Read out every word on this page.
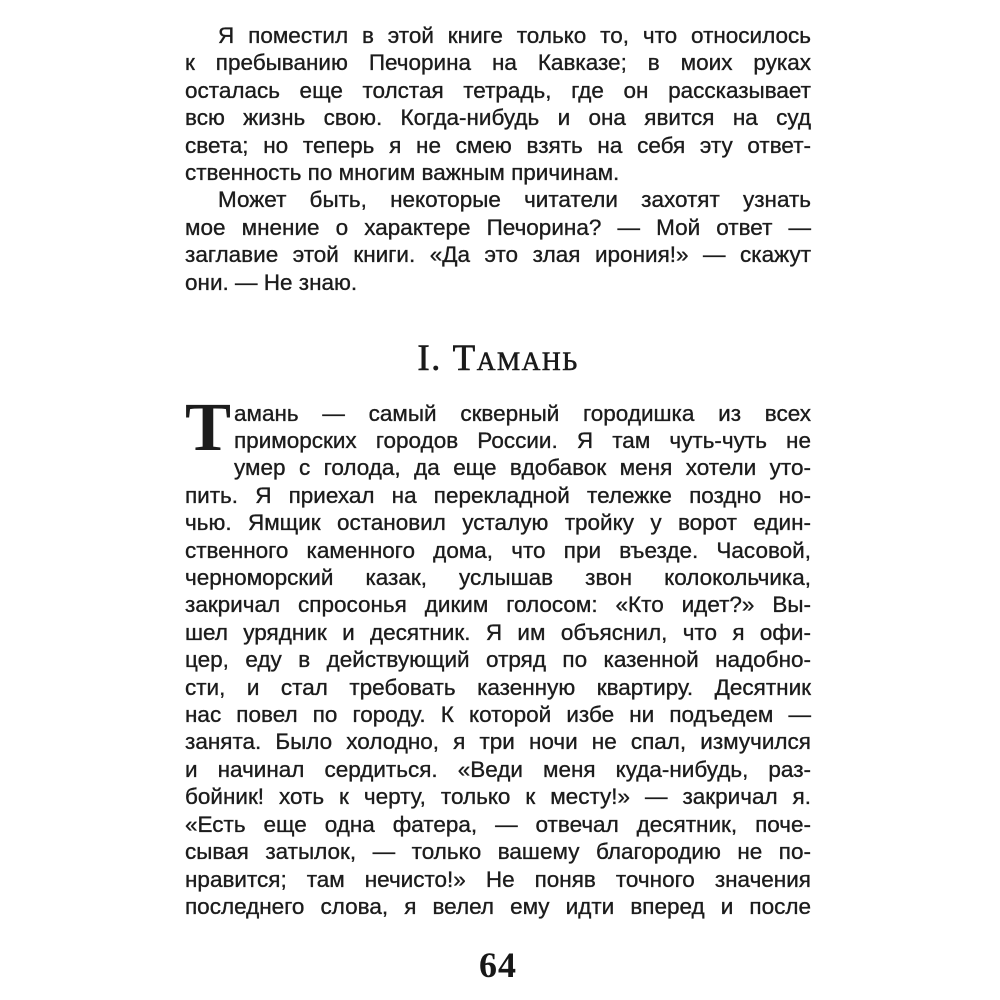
Я поместил в этой книге только то, что относилось
к пребыванию Печорина на Кавказе; в моих руках
осталась еще толстая тетрадь, где он рассказывает
всю жизнь свою. Когда-нибудь и она явится на суд
света; но теперь я не смею взять на себя эту ответ-
ственность по многим важным причинам.
Может быть, некоторые читатели захотят узнать
мое мнение о характере Печорина? — Мой ответ —
заглавие этой книги. «Да это злая ирония!» — скажут
они. — Не знаю.
I. Тамань
Т амань — самый скверный городишка из всех
приморских городов России. Я там чуть-чуть не
умер с голода, да еще вдобавок меня хотели уто-
пить. Я приехал на перекладной тележке поздно но-
чью. Ямщик остановил усталую тройку у ворот един-
ственного каменного дома, что при въезде. Часовой,
черноморский казак, услышав звон колокольчика,
закричал спросонья диким голосом: «Кто идет?» Вы-
шел урядник и десятник. Я им объяснил, что я офи-
цер, еду в действующий отряд по казенной надобно-
сти, и стал требовать казенную квартиру. Десятник
нас повел по городу. К которой избе ни подъедем —
занята. Было холодно, я три ночи не спал, измучился
и начинал сердиться. «Веди меня куда-нибудь, раз-
бойник! хоть к черту, только к месту!» — закричал я.
«Есть еще одна фатера, — отвечал десятник, поче-
сывая затылок, — только вашему благородию не по-
нравится; там нечисто!» Не поняв точного значения
последнего слова, я велел ему идти вперед и после
64
